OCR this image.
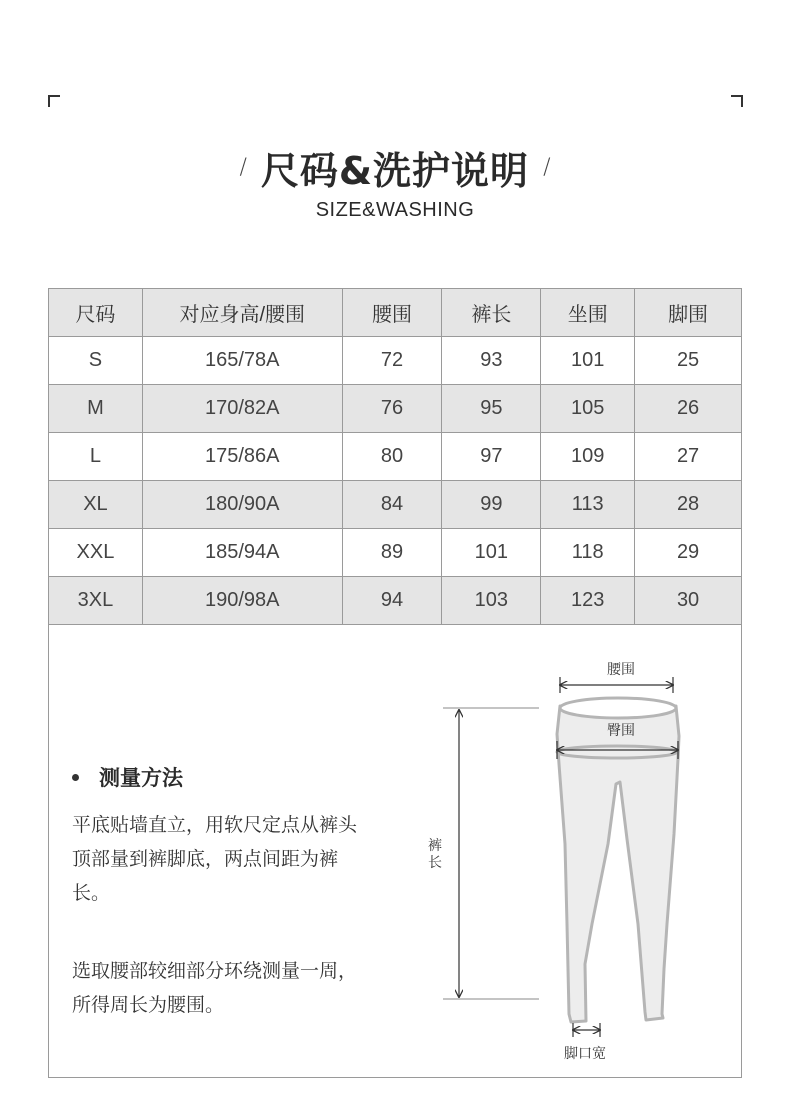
/ 尺码&洗护说明 /
SIZE&WASHING
尺码	对应身高/腰围	腰围	裤长	坐围	脚围
S	165/78A	72	93	101	25
M	170/82A	76	95	105	26
L	175/86A	80	97	109	27
XL	180/90A	84	99	113	28
XXL	185/94A	89	101	118	29
3XL	190/98A	94	103	123	30
测量方法
平底贴墙直立，用软尺定点从裤头顶部量到裤脚底，两点间距为裤长。
选取腰部较细部分环绕测量一周，所得周长为腰围。
腰围
臀围
裤
长
脚口宽
